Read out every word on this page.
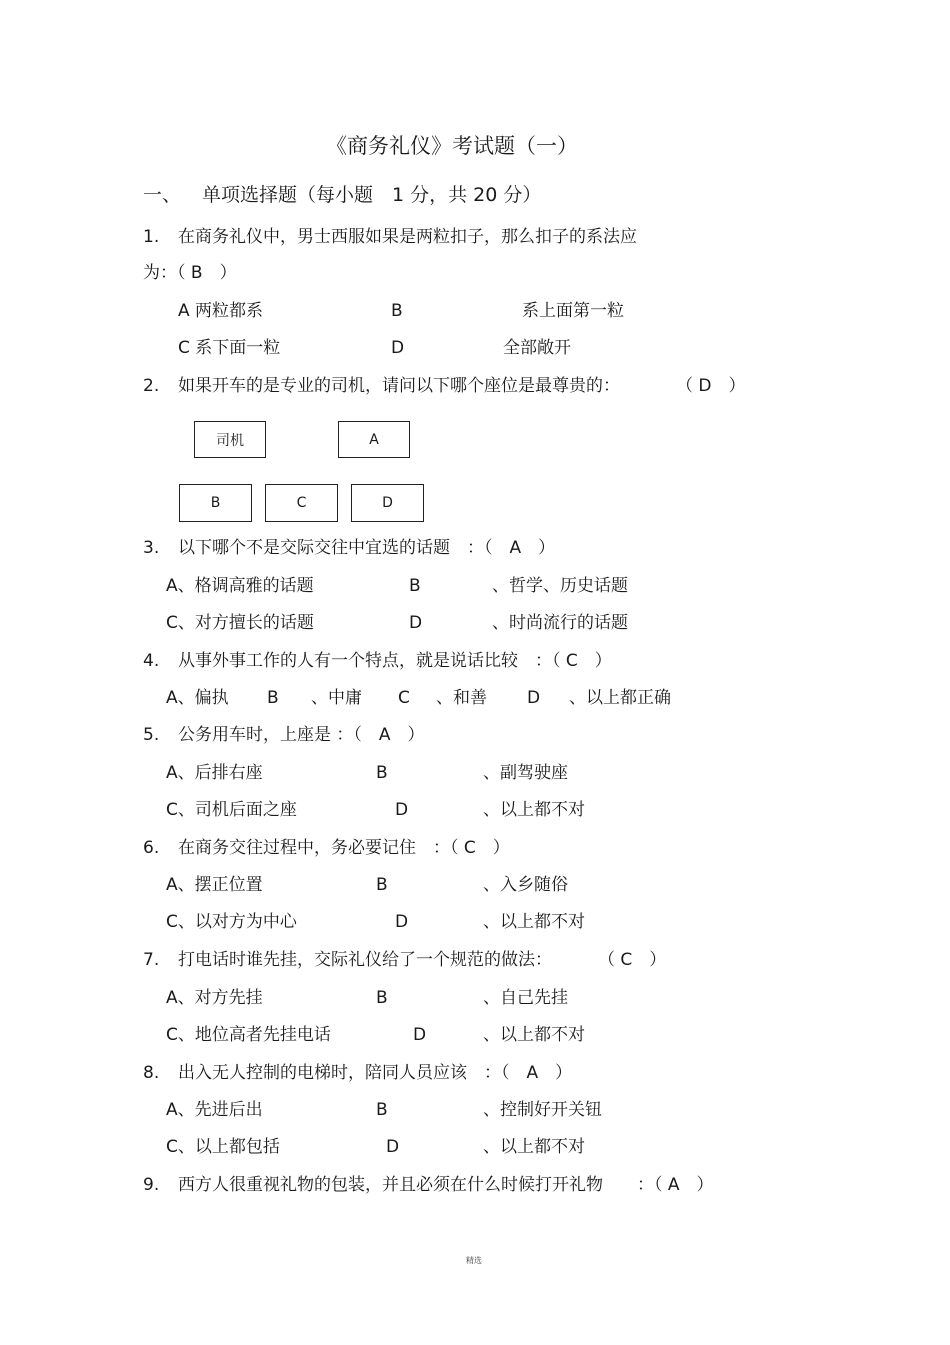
《商务礼仪》考试题（一）
一、 单项选择题（每小题　1 分，共 20 分）
1. 在商务礼仪中，男士西服如果是两粒扣子，那么扣子的系法应
为：（ B　）
A 两粒都系	B	系上面第一粒
C 系下面一粒	D	全部敞开
2. 如果开车的是专业的司机，请问以下哪个座位是最尊贵的：	（ D　）
司机	A
B	C	D
3. 以下哪个不是交际交往中宜选的话题　：（　A　）
A、格调高雅的话题	B	、哲学、历史话题
C、对方擅长的话题	D	、时尚流行的话题
4. 从事外事工作的人有一个特点，就是说话比较　：（ C　）
A、偏执 B 、中庸 C 、和善 D 、以上都正确
5. 公务用车时，上座是 ：（　A　）
A、后排右座	B	、副驾驶座
C、司机后面之座	D	、以上都不对
6. 在商务交往过程中，务必要记住　：（ C　）
A、摆正位置	B	、入乡随俗
C、以对方为中心	D	、以上都不对
7. 打电话时谁先挂，交际礼仪给了一个规范的做法：	（ C　）
A、对方先挂	B	、自己先挂
C、地位高者先挂电话	D	、以上都不对
8. 出入无人控制的电梯时，陪同人员应该　：（　A　）
A、先进后出	B	、控制好开关钮
C、以上都包括	D	、以上都不对
9. 西方人很重视礼物的包装，并且必须在什么时候打开礼物　　：（ A　）
精选
